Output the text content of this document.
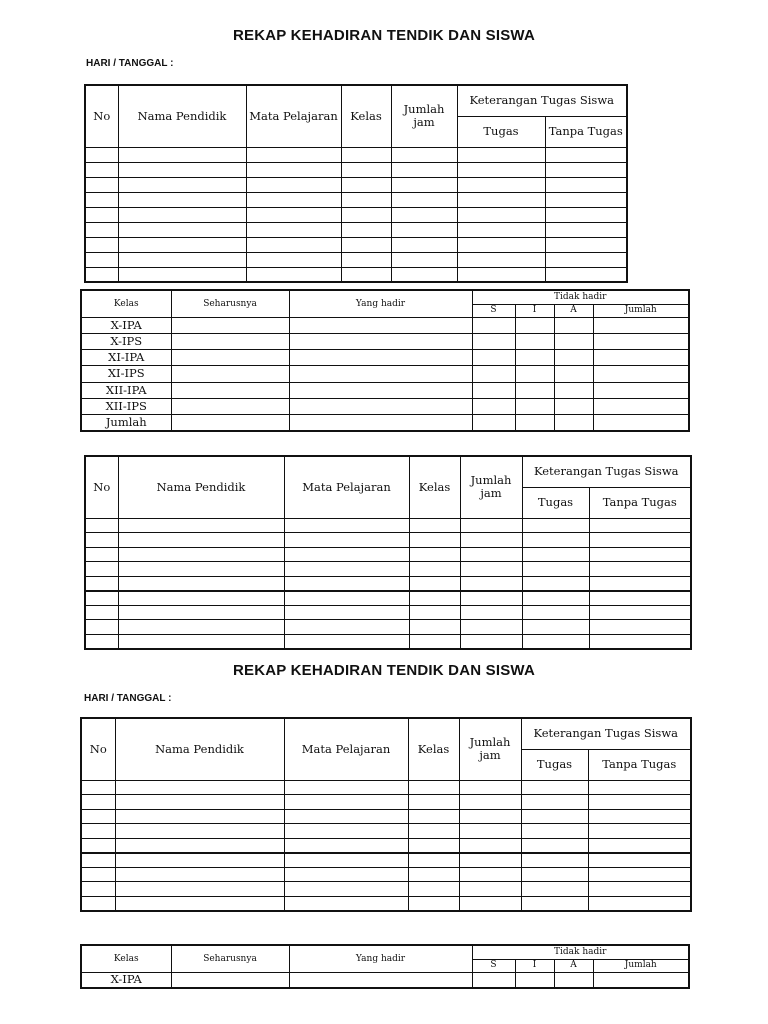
REKAP KEHADIRAN TENDIK DAN SISWA
HARI / TANGGAL :
No	Nama Pendidik	Mata Pelajaran	Kelas	Jumlah jam	Keterangan Tugas Siswa	
					Tugas	Tanpa Tugas

Kelas	Seharusnya	Yang hadir	Tidak hadir			
			S	I	A	Jumlah
X-IPA						
X-IPS						
XI-IPA						
XI-IPS						
XII-IPA						
XII-IPS						
Jumlah						
No	Nama Pendidik	Mata Pelajaran	Kelas	Jumlah jam	Keterangan Tugas Siswa	
					Tugas	Tanpa Tugas

REKAP KEHADIRAN TENDIK DAN SISWA
HARI / TANGGAL :
No	Nama Pendidik	Mata Pelajaran	Kelas	Jumlah jam	Keterangan Tugas Siswa	
					Tugas	Tanpa Tugas

Kelas	Seharusnya	Yang hadir	Tidak hadir			
			S	I	A	Jumlah
X-IPA						
